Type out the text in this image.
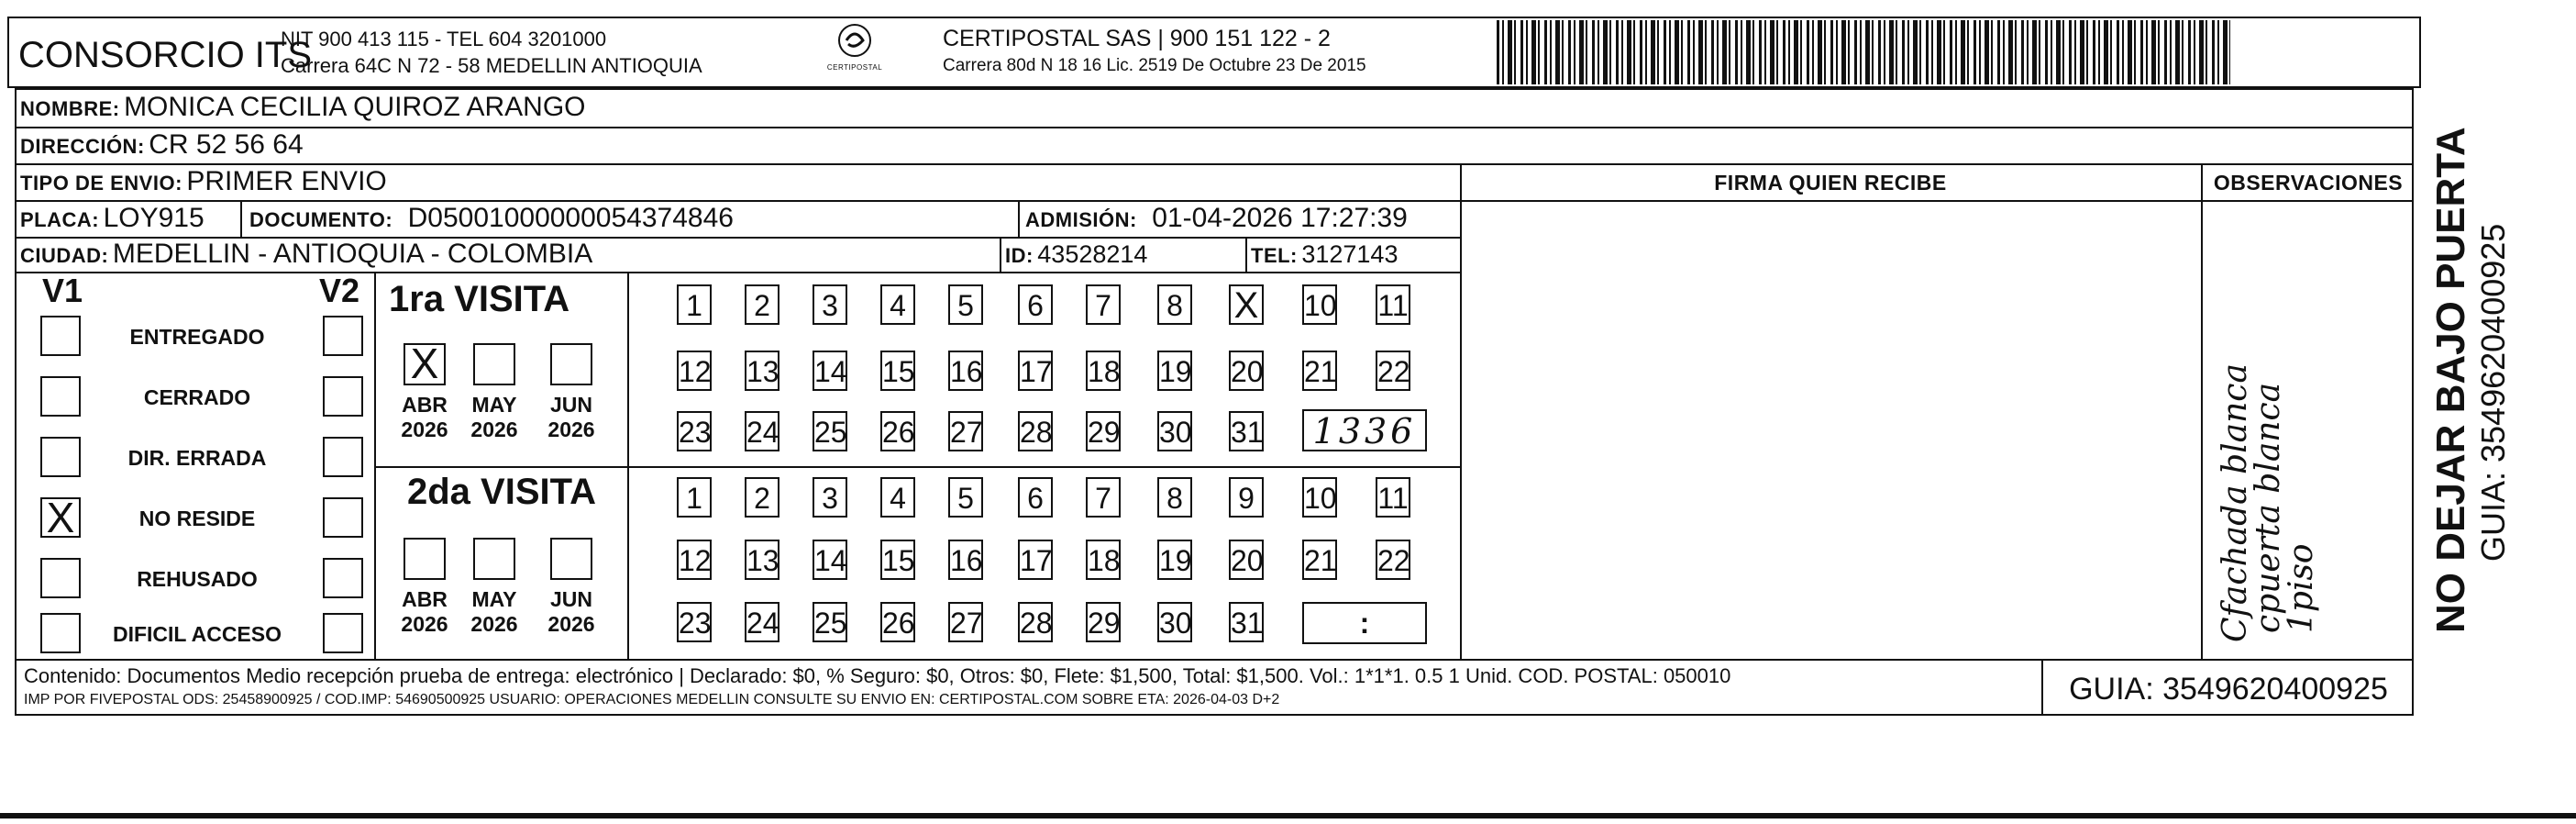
CONSORCIO ITS
NIT 900 413 115 - TEL 604 3201000
Carrera 64C N 72 - 58 MEDELLIN ANTIOQUIA	CERTIPOSTAL
CERTIPOSTAL SAS | 900 151 122 - 2
Carrera 80d N 18 16 Lic. 2519 De Octubre 23 De 2015
NOMBRE: MONICA CECILIA QUIROZ ARANGO
DIRECCIÓN: CR 52 56 64
TIPO DE ENVIO: PRIMER ENVIO	FIRMA QUIEN RECIBE	OBSERVACIONES
PLACA: LOY915 DOCUMENTO: D05001000000054374846	ADMISIÓN: 01-04-2026 17:27:39
CIUDAD: MEDELLIN - ANTIOQUIA - COLOMBIA	ID: 43528214	TEL: 3127143
V1	V2
ENTREGADO
CERRADO
DIR. ERRADA
X	NO RESIDE
REHUSADO
DIFICIL ACCESO
1ra VISITA
X
ABR
2026
MAY
2026
JUN
2026
1	2	3	4	5	6	7	8 X 10 11
12 13 14 15 16 17 18 19 20 21 22
23 24 25 26 27 28 29 30 31 1336
2da VISITA
ABR
2026
MAY
2026
JUN
2026
1	2	3	4	5	6	7	8	9	10 11
12 13 14 15 16 17 18 19 20 21 22
23 24 25 26 27 28 29 30 31	:	Cfachada blanca
cpuerta blanca
1piso
Contenido: Documentos Medio recepción prueba de entrega: electrónico | Declarado: $0, % Seguro: $0, Otros: $0, Flete: $1,500, Total: $1,500. Vol.: 1*1*1. 0.5 1 Unid. COD. POSTAL: 050010
IMP POR FIVEPOSTAL ODS: 25458900925 / COD.IMP: 54690500925 USUARIO: OPERACIONES MEDELLIN CONSULTE SU ENVIO EN: CERTIPOSTAL.COM SOBRE ETA: 2026-04-03 D+2	GUIA: 3549620400925
NO DEJAR BAJO PUERTA GUIA: 3549620400925
